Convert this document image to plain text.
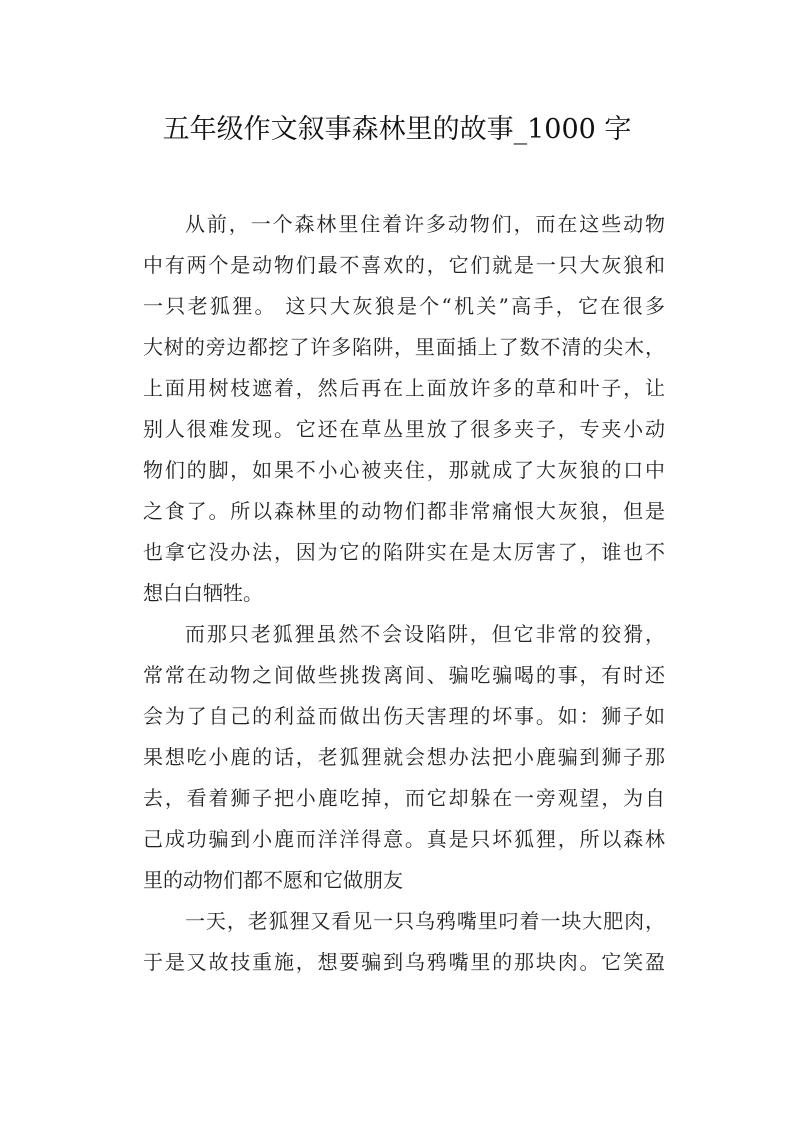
五年级作文叙事森林里的故事_1000 字
从前，一个森林里住着许多动物们，而在这些动物
中有两个是动物们最不喜欢的，它们就是一只大灰狼和
一只老狐狸。 这只大灰狼是个“机关”高手，它在很多
大树的旁边都挖了许多陷阱，里面插上了数不清的尖木，
上面用树枝遮着，然后再在上面放许多的草和叶子，让
别人很难发现。它还在草丛里放了很多夹子，专夹小动
物们的脚，如果不小心被夹住，那就成了大灰狼的口中
之食了。所以森林里的动物们都非常痛恨大灰狼，但是
也拿它没办法，因为它的陷阱实在是太厉害了，谁也不
想白白牺牲。
而那只老狐狸虽然不会设陷阱，但它非常的狡猾，
常常在动物之间做些挑拨离间、骗吃骗喝的事，有时还
会为了自己的利益而做出伤天害理的坏事。如：狮子如
果想吃小鹿的话，老狐狸就会想办法把小鹿骗到狮子那
去，看着狮子把小鹿吃掉，而它却躲在一旁观望，为自
己成功骗到小鹿而洋洋得意。真是只坏狐狸，所以森林
里的动物们都不愿和它做朋友
一天，老狐狸又看见一只乌鸦嘴里叼着一块大肥肉，
于是又故技重施，想要骗到乌鸦嘴里的那块肉。它笑盈
